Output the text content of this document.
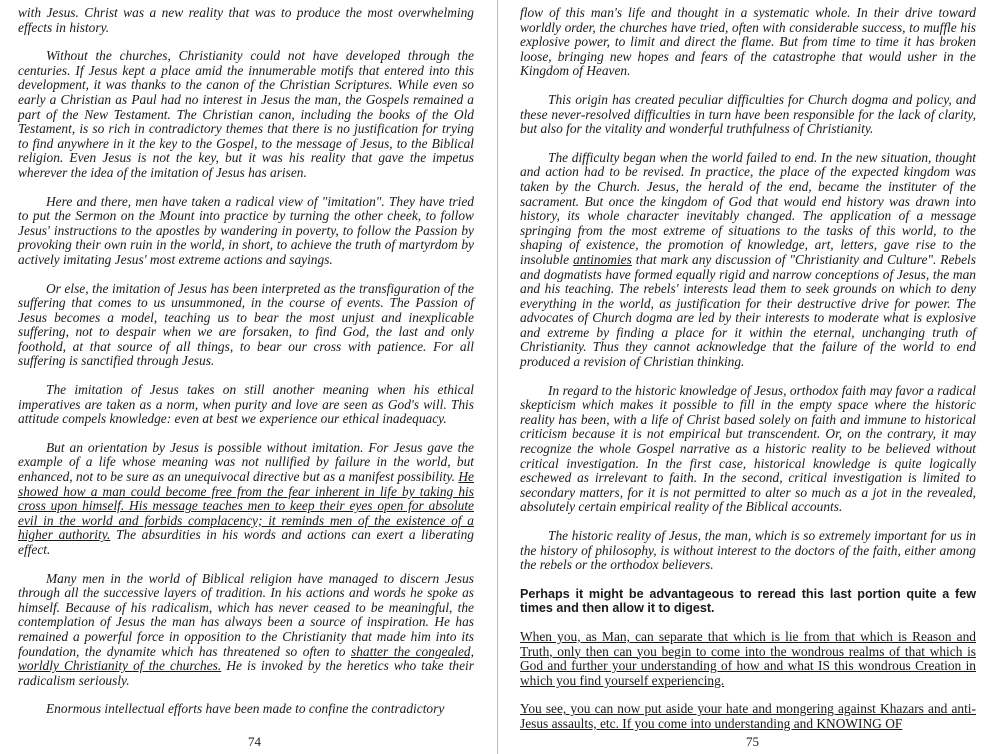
with Jesus. Christ was a new reality that was to produce the most overwhelming effects in history.

Without the churches, Christianity could not have developed through the centuries. If Jesus kept a place amid the innumerable motifs that entered into this development, it was thanks to the canon of the Christian Scriptures. While even so early a Christian as Paul had no interest in Jesus the man, the Gospels remained a part of the New Testament. The Christian canon, including the books of the Old Testament, is so rich in contradictory themes that there is no justification for trying to find anywhere in it the key to the Gospel, to the message of Jesus, to the Biblical religion. Even Jesus is not the key, but it was his reality that gave the impetus wherever the idea of the imitation of Jesus has arisen.

Here and there, men have taken a radical view of "imitation". They have tried to put the Sermon on the Mount into practice by turning the other cheek, to follow Jesus' instructions to the apostles by wandering in poverty, to follow the Passion by provoking their own ruin in the world, in short, to achieve the truth of martyrdom by actively imitating Jesus' most extreme actions and sayings.

Or else, the imitation of Jesus has been interpreted as the transfiguration of the suffering that comes to us unsummoned, in the course of events. The Passion of Jesus becomes a model, teaching us to bear the most unjust and inexplicable suffering, not to despair when we are forsaken, to find God, the last and only foothold, at that source of all things, to bear our cross with patience. For all suffering is sanctified through Jesus.

The imitation of Jesus takes on still another meaning when his ethical imperatives are taken as a norm, when purity and love are seen as God's will. This attitude compels knowledge: even at best we experience our ethical inadequacy.

But an orientation by Jesus is possible without imitation. For Jesus gave the example of a life whose meaning was not nullified by failure in the world, but enhanced, not to be sure as an unequivocal directive but as a manifest possibility. He showed how a man could become free from the fear inherent in life by taking his cross upon himself. His message teaches men to keep their eyes open for absolute evil in the world and forbids complacency; it reminds men of the existence of a higher authority. The absurdities in his words and actions can exert a liberating effect.

Many men in the world of Biblical religion have managed to discern Jesus through all the successive layers of tradition. In his actions and words he spoke as himself. Because of his radicalism, which has never ceased to be meaningful, the contemplation of Jesus the man has always been a source of inspiration. He has remained a powerful force in opposition to the Christianity that made him into its foundation, the dynamite which has threatened so often to shatter the congealed, worldly Christianity of the churches. He is invoked by the heretics who take their radicalism seriously.

Enormous intellectual efforts have been made to confine the contradictory

74

flow of this man's life and thought in a systematic whole. In their drive toward worldly order, the churches have tried, often with considerable success, to muffle his explosive power, to limit and direct the flame. But from time to time it has broken loose, bringing new hopes and fears of the catastrophe that would usher in the Kingdom of Heaven.

This origin has created peculiar difficulties for Church dogma and policy, and these never-resolved difficulties in turn have been responsible for the lack of clarity, but also for the vitality and wonderful truthfulness of Christianity.

The difficulty began when the world failed to end. In the new situation, thought and action had to be revised. In practice, the place of the expected kingdom was taken by the Church. Jesus, the herald of the end, became the instituter of the sacrament. But once the kingdom of God that would end history was drawn into history, its whole character inevitably changed. The application of a message springing from the most extreme of situations to the tasks of this world, to the shaping of existence, the promotion of knowledge, art, letters, gave rise to the insoluble antinomies that mark any discussion of "Christianity and Culture". Rebels and dogmatists have formed equally rigid and narrow conceptions of Jesus, the man and his teaching. The rebels' interests lead them to seek grounds on which to deny everything in the world, as justification for their destructive drive for power. The advocates of Church dogma are led by their interests to moderate what is explosive and extreme by finding a place for it within the eternal, unchanging truth of Christianity. Thus they cannot acknowledge that the failure of the world to end produced a revision of Christian thinking.

In regard to the historic knowledge of Jesus, orthodox faith may favor a radical skepticism which makes it possible to fill in the empty space where the historic reality has been, with a life of Christ based solely on faith and immune to historical criticism because it is not empirical but transcendent. Or, on the contrary, it may recognize the whole Gospel narrative as a historic reality to be believed without critical investigation. In the first case, historical knowledge is quite logically eschewed as irrelevant to faith. In the second, critical investigation is limited to secondary matters, for it is not permitted to alter so much as a jot in the revealed, absolutely certain empirical reality of the Biblical accounts.

The historic reality of Jesus, the man, which is so extremely important for us in the history of philosophy, is without interest to the doctors of the faith, either among the rebels or the orthodox believers.

Perhaps it might be advantageous to reread this last portion quite a few times and then allow it to digest.

When you, as Man, can separate that which is lie from that which is Reason and Truth, only then can you begin to come into the wondrous realms of that which is God and further your understanding of how and what IS this wondrous Creation in which you find yourself experiencing.

You see, you can now put aside your hate and mongering against Khazars and anti-Jesus assaults, etc. If you come into understanding and KNOWING OF

75
